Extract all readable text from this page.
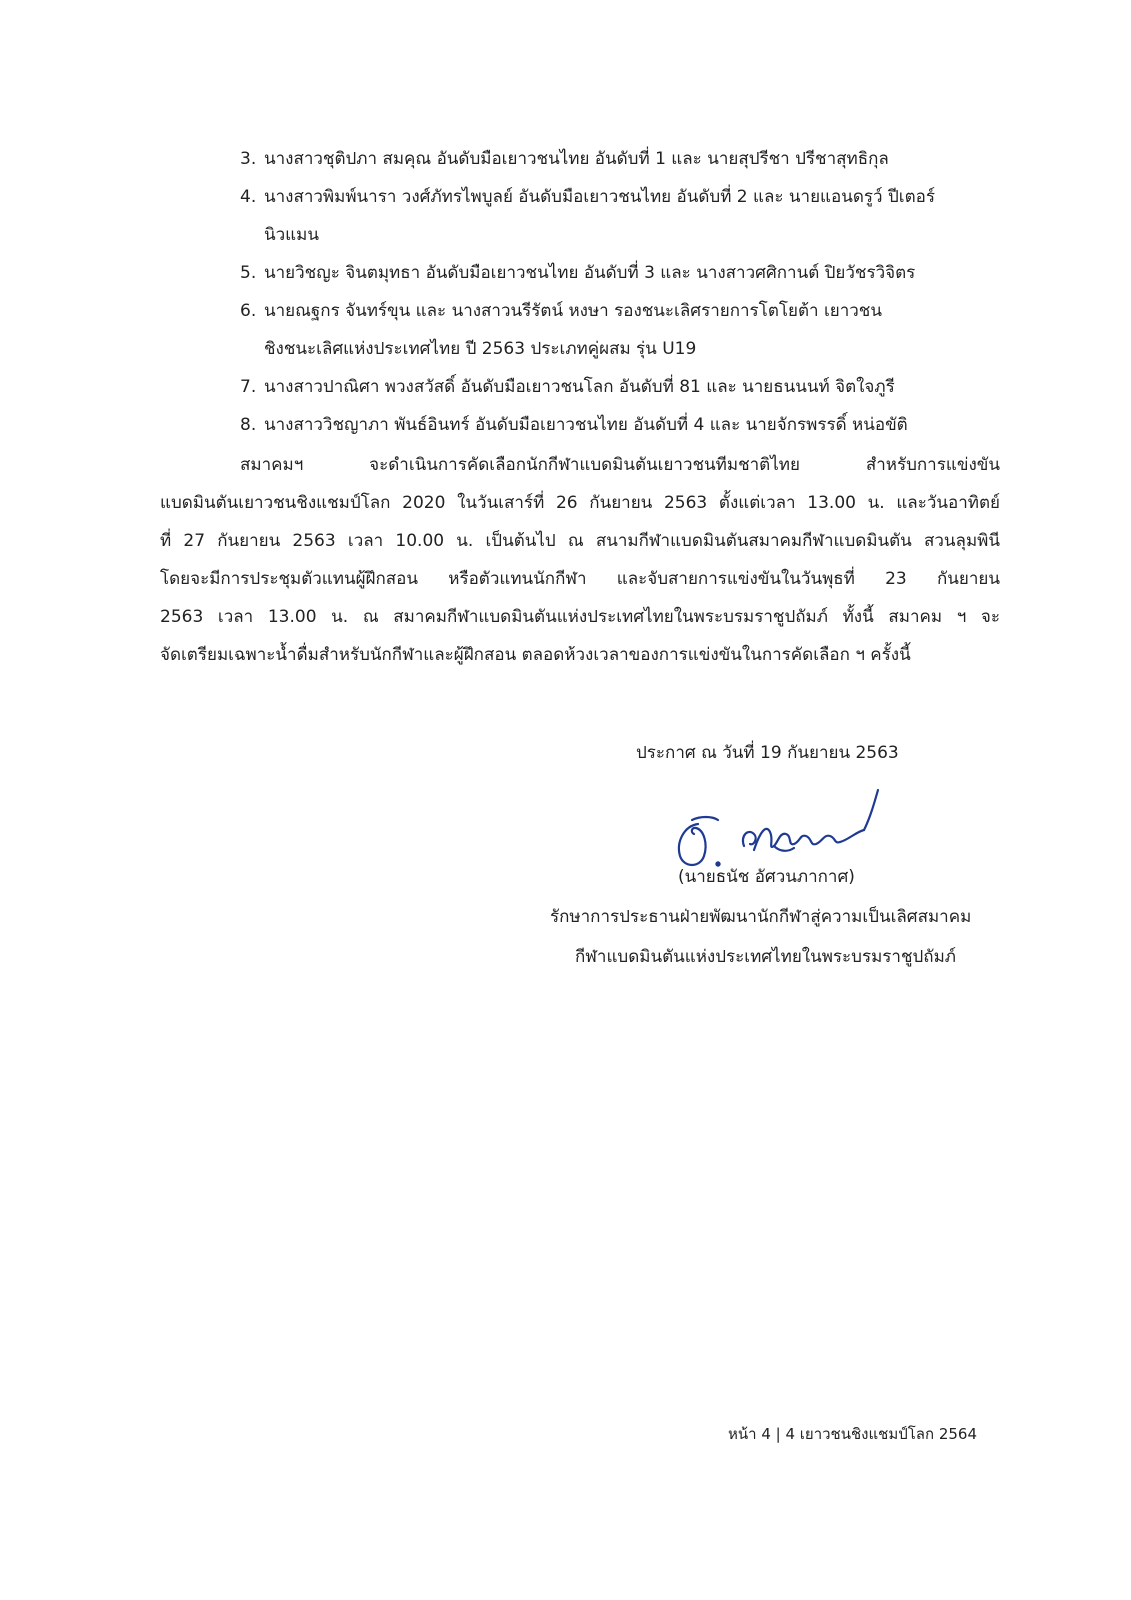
3. นางสาวชุติปภา สมคุณ อันดับมือเยาวชนไทย อันดับที่ 1 และ นายสุปรีชา ปรีชาสุทธิกุล
4. นางสาวพิมพ์นารา วงศ์ภัทรไพบูลย์ อันดับมือเยาวชนไทย อันดับที่ 2 และ นายแอนดรูว์ ปีเตอร์
นิวแมน
5. นายวิชญะ จินตมุทธา อันดับมือเยาวชนไทย อันดับที่ 3 และ นางสาวศศิกานต์ ปิยวัชรวิจิตร
6. นายณฐกร จันทร์ขุน และ นางสาวนรีรัตน์ หงษา รองชนะเลิศรายการโตโยต้า เยาวชน
ชิงชนะเลิศแห่งประเทศไทย ปี 2563 ประเภทคู่ผสม รุ่น U19
7. นางสาวปาณิศา พวงสวัสดิ์ อันดับมือเยาวชนโลก อันดับที่ 81 และ นายธนนนท์ จิตใจภูรี
8. นางสาววิชญาภา พันธ์อินทร์ อันดับมือเยาวชนไทย อันดับที่ 4 และ นายจักรพรรดิ์ หน่อขัติ
สมาคมฯ จะดำเนินการคัดเลือกนักกีฬาแบดมินตันเยาวชนทีมชาติไทย สำหรับการแข่งขัน
แบดมินตันเยาวชนชิงแชมป์โลก 2020 ในวันเสาร์ที่ 26 กันยายน 2563 ตั้งแต่เวลา 13.00 น. และวันอาทิตย์
ที่ 27 กันยายน 2563 เวลา 10.00 น. เป็นต้นไป ณ สนามกีฬาแบดมินตันสมาคมกีฬาแบดมินตัน สวนลุมพินี
โดยจะมีการประชุมตัวแทนผู้ฝึกสอน หรือตัวแทนนักกีฬา และจับสายการแข่งขันในวันพุธที่ 23 กันยายน
2563 เวลา 13.00 น. ณ สมาคมกีฬาแบดมินตันแห่งประเทศไทยในพระบรมราชูปถัมภ์ ทั้งนี้ สมาคม ฯ จะ
จัดเตรียมเฉพาะน้ำดื่มสำหรับนักกีฬาและผู้ฝึกสอน ตลอดห้วงเวลาของการแข่งขันในการคัดเลือก ฯ ครั้งนี้
ประกาศ ณ วันที่ 19 กันยายน 2563
(นายธนัช อัศวนภากาศ)
รักษาการประธานฝ่ายพัฒนานักกีฬาสู่ความเป็นเลิศสมาคม
กีฬาแบดมินตันแห่งประเทศไทยในพระบรมราชูปถัมภ์
หน้า 4 | 4 เยาวชนชิงแชมป์โลก 2564
